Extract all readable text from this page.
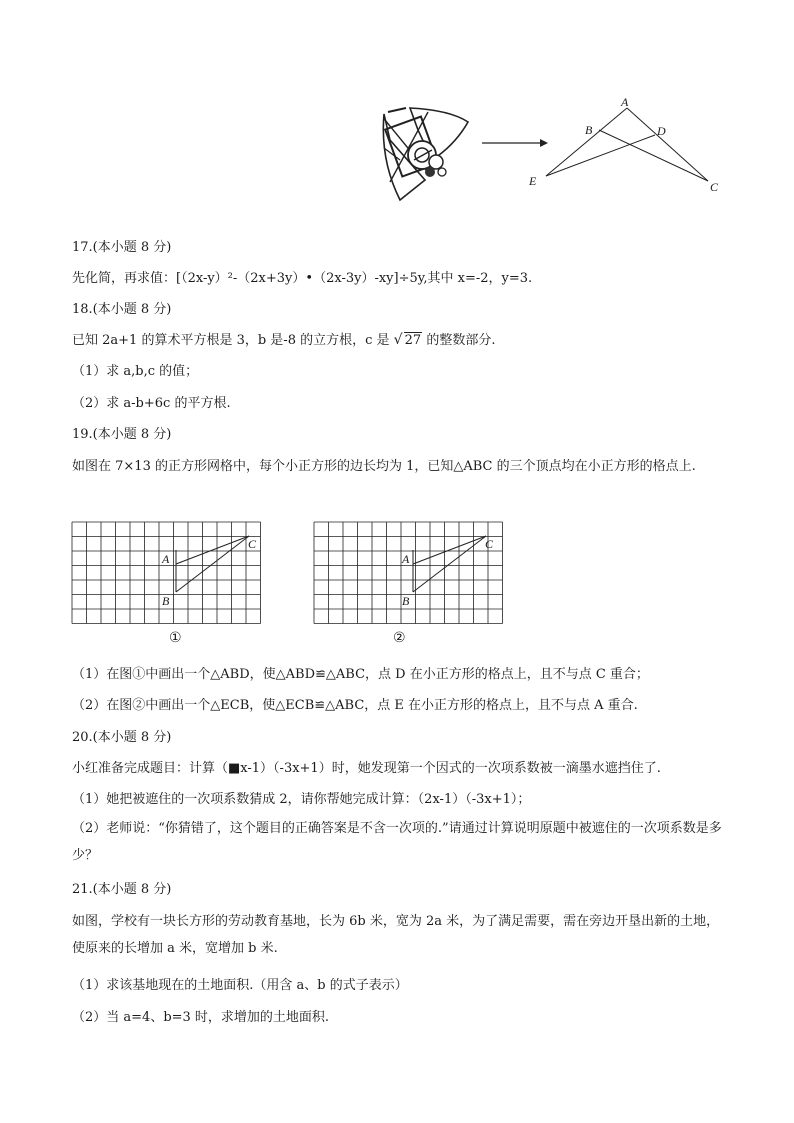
A
B	D
E	C
17.(本小题 8 分)
先化简，再求值：[（2x-y）²-（2x+3y）•（2x-3y）-xy]÷5y,其中 x=-2，y=3.
18.(本小题 8 分)
已知 2a+1 的算术平方根是 3，b 是-8 的立方根，c 是 √ 27 的整数部分.
（1）求 a,b,c 的值；
（2）求 a-b+6c 的平方根.
19.(本小题 8 分)
如图在 7×13 的正方形网格中，每个小正方形的边长均为 1，已知△ABC 的三个顶点均在小正方形的格点上.
A
B
C
①
A
B
C
②
（1）在图①中画出一个△ABD，使△ABD≌△ABC，点 D 在小正方形的格点上，且不与点 C 重合；
（2）在图②中画出一个△ECB，使△ECB≌△ABC，点 E 在小正方形的格点上，且不与点 A 重合.
20.(本小题 8 分)
小红准备完成题目：计算（■x-1）（-3x+1）时，她发现第一个因式的一次项系数被一滴墨水遮挡住了.
（1）她把被遮住的一次项系数猜成 2，请你帮她完成计算：（2x-1）（-3x+1）；
（2）老师说：“你猜错了，这个题目的正确答案是不含一次项的.”请通过计算说明原题中被遮住的一次项系数是多少？
21.(本小题 8 分)
如图，学校有一块长方形的劳动教育基地，长为 6b 米，宽为 2a 米，为了满足需要，需在旁边开垦出新的土地，使原来的长增加 a 米，宽增加 b 米.
（1）求该基地现在的土地面积.（用含 a、b 的式子表示）
（2）当 a=4、b=3 时，求增加的土地面积.
